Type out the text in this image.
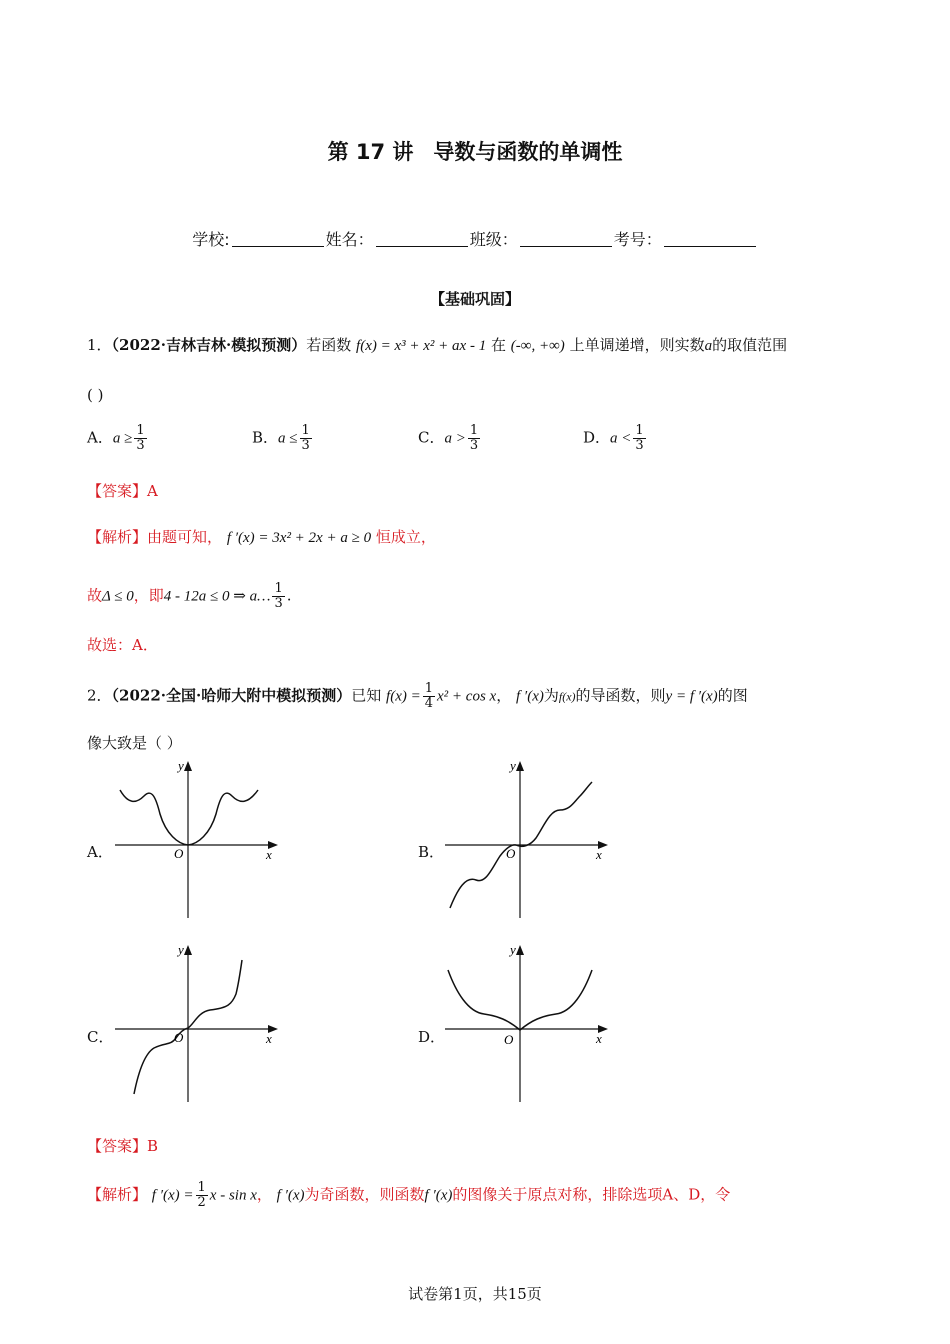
第 17 讲 导数与函数的单调性
学校:	姓名：	班级：	考号：
【基础巩固】
1．（2022·吉林吉林·模拟预测）若函数 f(x) = x³ + x² + ax - 1 在 (-∞, +∞) 上单调递增，则实数a的取值范围
( )
A．$a \ge \frac{1}{3}$	B．$a \le \frac{1}{3}$	C．$a > \frac{1}{3}$	D．$a < \frac{1}{3}$
【答案】A
【解析】由题可知， f ′(x) = 3x² + 2x + a ≥ 0 恒成立，
故Δ ≤ 0，即4 - 12a ≤ 0 ⇒ a… $\frac{1}{3}$ .
故选：A．
2．（2022·全国·哈师大附中模拟预测）已知 $f(x) = \frac{1}{4} x^2 + \cos x$， f ′(x)为f(x)的导函数，则y = f ′(x)的图
像大致是（ ）
A．	x
y
O	B．	x
y
O
C．	x
y
O	D．	x
y
O
【答案】B
【解析】 f $'(x) = \frac{1}{2}$ x - sin x， f ′(x)为奇函数，则函数f ′(x)的图像关于原点对称，排除选项A、D，令
试卷第1页，共15页
